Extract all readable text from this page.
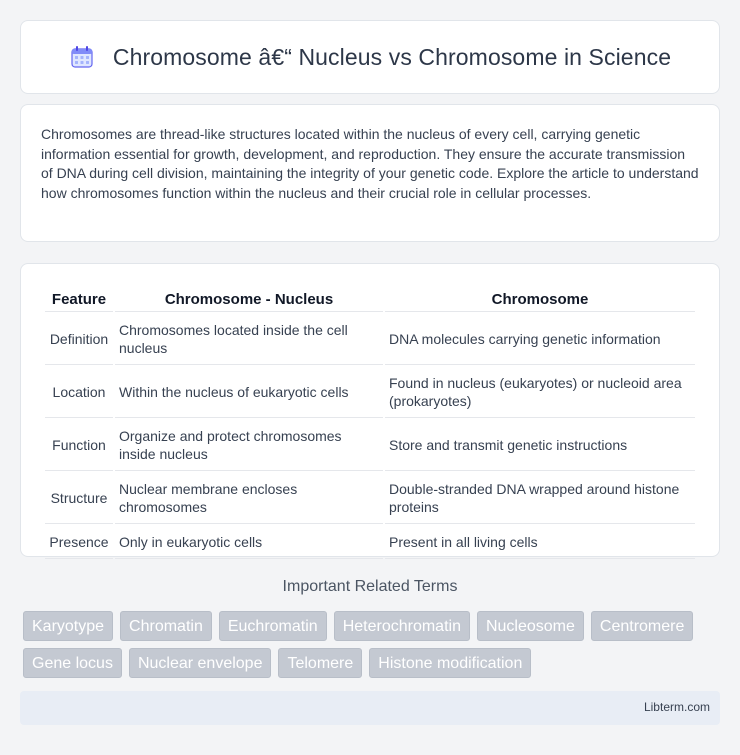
Chromosome â€“ Nucleus vs Chromosome in Science

Chromosomes are thread-like structures located within the nucleus of every cell, carrying genetic information essential for growth, development, and reproduction. They ensure the accurate transmission of DNA during cell division, maintaining the integrity of your genetic code. Explore the article to understand how chromosomes function within the nucleus and their crucial role in cellular processes.

Feature	Chromosome - Nucleus	Chromosome
Definition	Chromosomes located inside the cell nucleus	DNA molecules carrying genetic information
Location	Within the nucleus of eukaryotic cells	Found in nucleus (eukaryotes) or nucleoid area (prokaryotes)
Function	Organize and protect chromosomes inside nucleus	Store and transmit genetic instructions
Structure	Nuclear membrane encloses chromosomes	Double-stranded DNA wrapped around histone proteins
Presence	Only in eukaryotic cells	Present in all living cells
Important Related Terms
Karyotype	Chromatin	Euchromatin	Heterochromatin	Nucleosome	Centromere
Gene locus	Nuclear envelope	Telomere	Histone modification
Libterm.com
